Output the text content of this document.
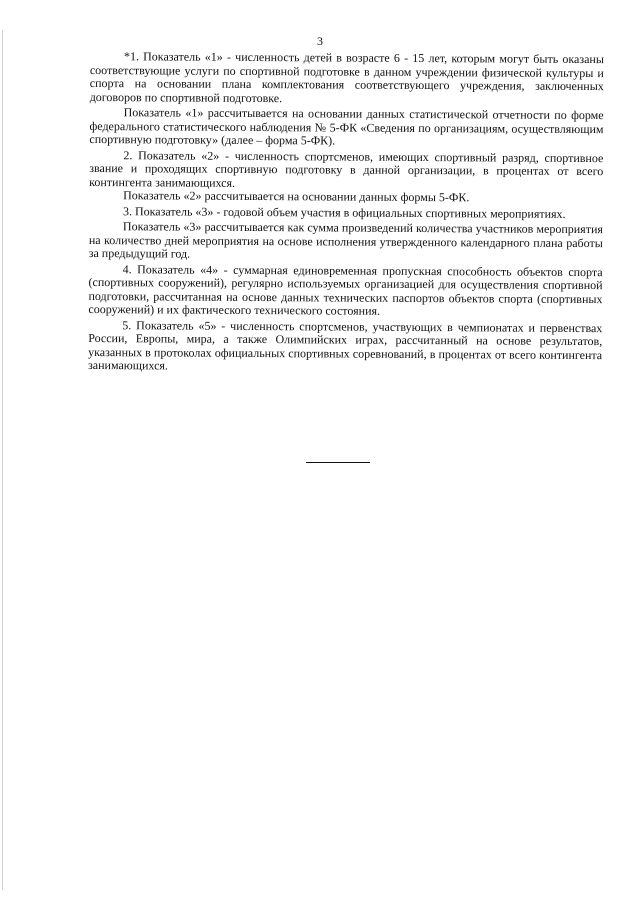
3

*1. Показатель «1» - численность детей в возрасте 6 - 15 лет, которым могут быть оказаны соответствующие услуги по спортивной подготовке в данном учреждении физической культуры и спорта на основании плана комплектования соответствующего учреждения, заключенных договоров по спортивной подготовке.

Показатель «1» рассчитывается на основании данных статистической отчетности по форме федерального статистического наблюдения № 5-ФК «Сведения по организациям, осуществляющим спортивную подготовку» (далее – форма 5-ФК).

2. Показатель «2» - численность спортсменов, имеющих спортивный разряд, спортивное звание и проходящих спортивную подготовку в данной организации, в процентах от всего контингента занимающихся.

Показатель «2» рассчитывается на основании данных формы 5-ФК.

3. Показатель «3» - годовой объем участия в официальных спортивных мероприятиях.

Показатель «3» рассчитывается как сумма произведений количества участников мероприятия на количество дней мероприятия на основе исполнения утвержденного календарного плана работы за предыдущий год.

4. Показатель «4» - суммарная единовременная пропускная способность объектов спорта (спортивных сооружений), регулярно используемых организацией для осуществления спортивной подготовки, рассчитанная на основе данных технических паспортов объектов спорта (спортивных сооружений) и их фактического технического состояния.

5. Показатель «5» - численность спортсменов, участвующих в чемпионатах и первенствах России, Европы, мира, а также Олимпийских играх, рассчитанный на основе результатов, указанных в протоколах официальных спортивных соревнований, в процентах от всего контингента занимающихся.
